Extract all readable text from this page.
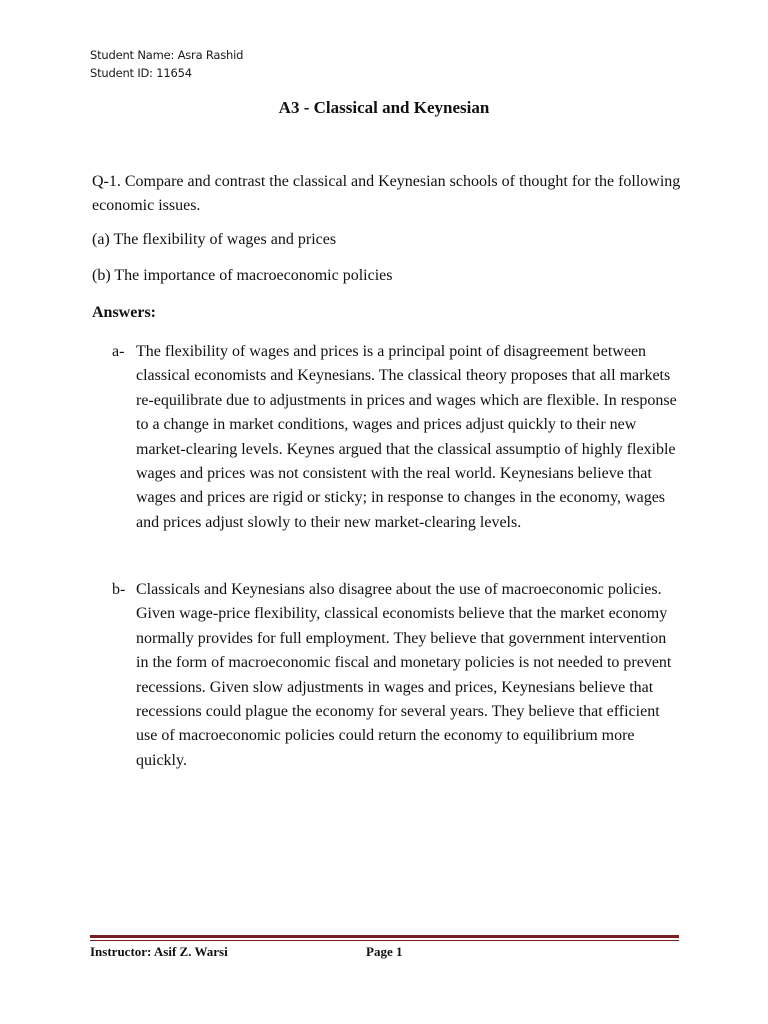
Student Name: Asra Rashid
Student ID: 11654
A3 - Classical and Keynesian
Q-1. Compare and contrast the classical and Keynesian schools of thought for the following economic issues.
(a) The flexibility of wages and prices
(b) The importance of macroeconomic policies
Answers:
a- The flexibility of wages and prices is a principal point of disagreement between classical economists and Keynesians. The classical theory proposes that all markets re-equilibrate due to adjustments in prices and wages which are flexible. In response to a change in market conditions, wages and prices adjust quickly to their new market-clearing levels. Keynes argued that the classical assumptio of highly flexible wages and prices was not consistent with the real world. Keynesians believe that wages and prices are rigid or sticky; in response to changes in the economy, wages and prices adjust slowly to their new market-clearing levels.
b- Classicals and Keynesians also disagree about the use of macroeconomic policies. Given wage-price flexibility, classical economists believe that the market economy normally provides for full employment. They believe that government intervention in the form of macroeconomic fiscal and monetary policies is not needed to prevent recessions. Given slow adjustments in wages and prices, Keynesians believe that recessions could plague the economy for several years. They believe that efficient use of macroeconomic policies could return the economy to equilibrium more quickly.
Instructor: Asif Z. Warsi	Page 1
